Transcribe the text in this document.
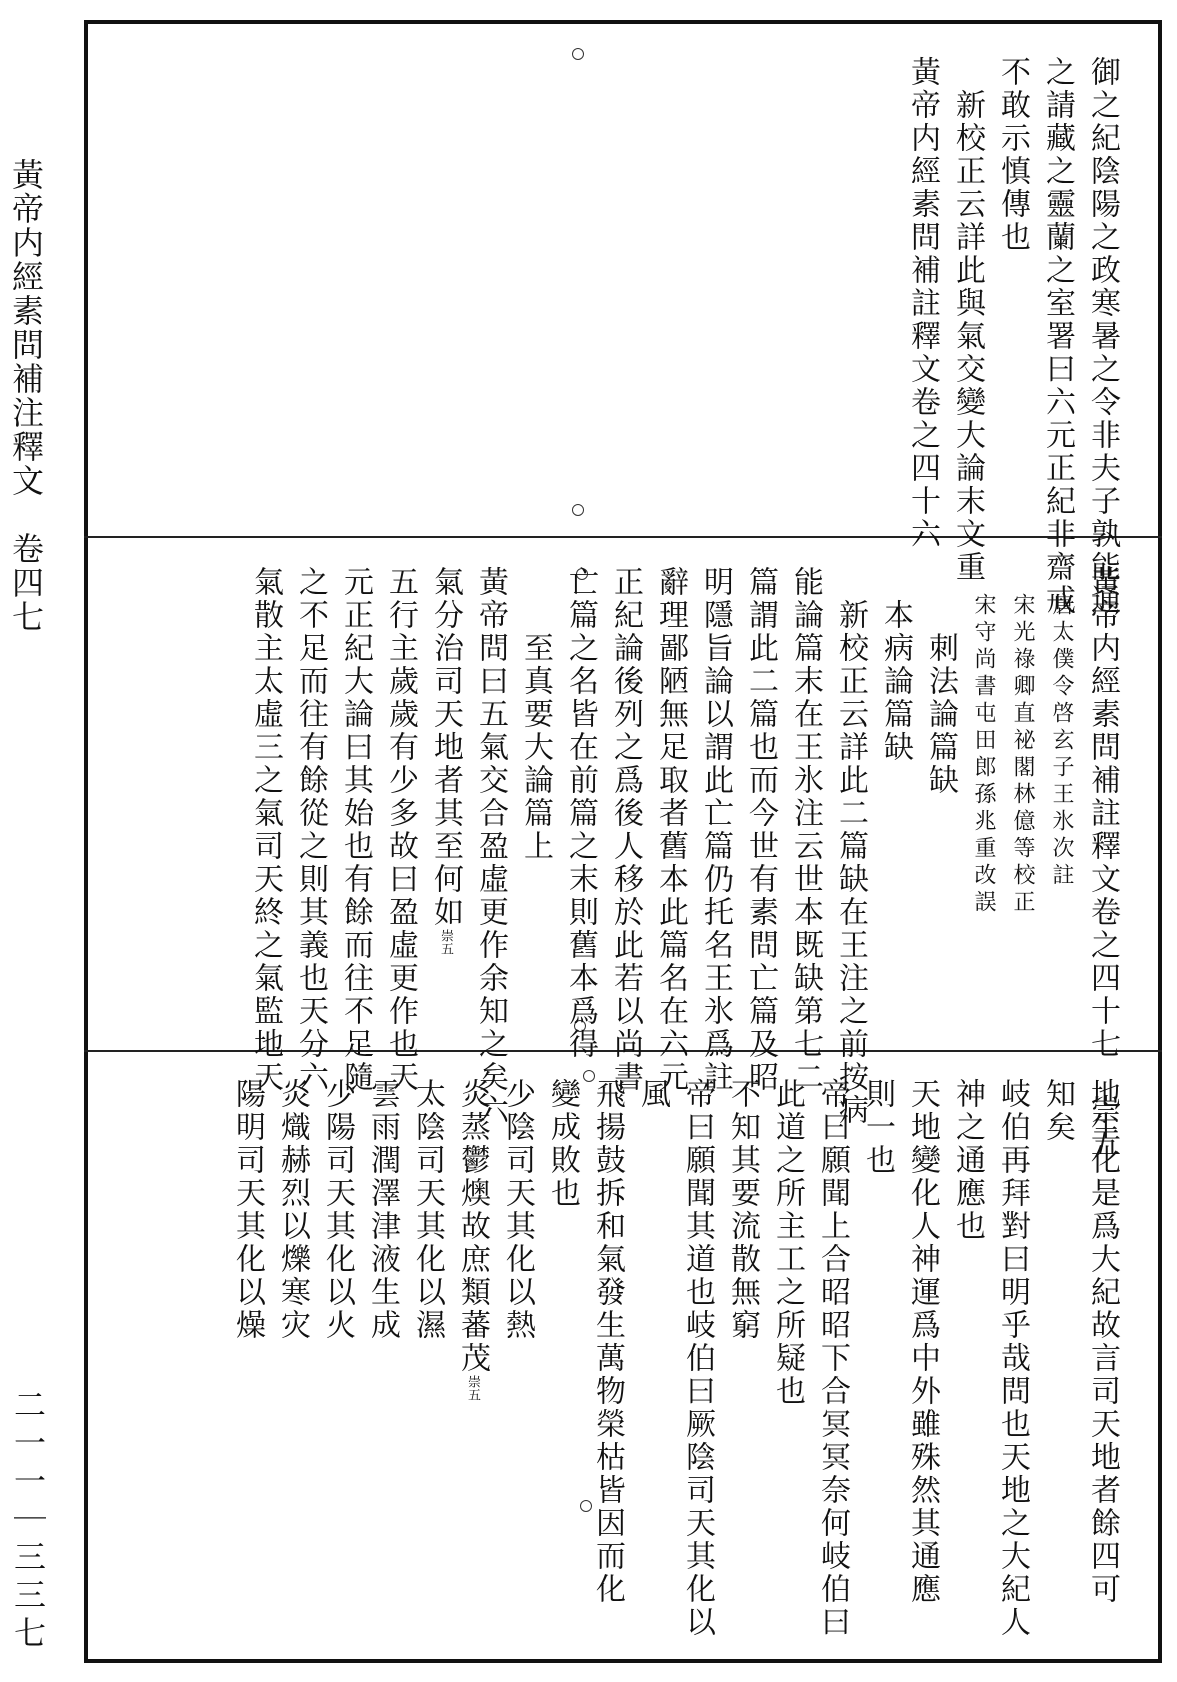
黃帝内經素問補注釋文　卷四七
二一一｜三三七
御之紀陰陽之政寒暑之令非夫子孰能通
之請藏之靈蘭之室署曰六元正紀非齋戒
不敢示慎傳也
　新校正云詳此與氣交變大論末文重
黃帝内經素問補註釋文卷之四十六
黃帝内經素問補註釋文卷之四十七　崇五
　唐太僕令啓玄子王氷次註
　宋光祿卿直祕閣林億等校正
　宋守尚書屯田郎孫兆重改誤
　　刺法論篇缺
　本病論篇缺
　新校正云詳此二篇缺在王注之前按病
能論篇末在王氷注云世本既缺第七二
篇謂此二篇也而今世有素問亡篇及昭
明隱旨論以謂此亡篇仍托名王氷爲註
辭理鄙陋無足取者舊本此篇名在六元
正紀論後列之爲後人移於此若以尚書
亡篇之名皆在前篇之末則舊本爲得
　　至真要大論篇上
黃帝問曰五氣交合盈虛更作余知之矣六
氣分治司天地者其至何如崇五
五行主歲歲有少多故曰盈虛更作也天
元正紀大論曰其始也有餘而往不足隨
之不足而往有餘從之則其義也天分六
氣散主太虛三之氣司天終之氣監地天
地生化是爲大紀故言司天地者餘四可
知矣
岐伯再拜對曰明乎哉問也天地之大紀人
神之通應也
天地變化人神運爲中外雖殊然其通應
則一也
帝曰願聞上合昭昭下合冥冥奈何岐伯曰
此道之所主工之所疑也
不知其要流散無窮
帝曰願聞其道也岐伯曰厥陰司天其化以
風
飛揚鼓拆和氣發生萬物榮枯皆因而化
變成敗也
少陰司天其化以熱
炎蒸鬱燠故庶類蕃茂崇五
太陰司天其化以濕
雲雨潤澤津液生成
少陽司天其化以火
炎熾赫烈以爍寒灾
陽明司天其化以燥
